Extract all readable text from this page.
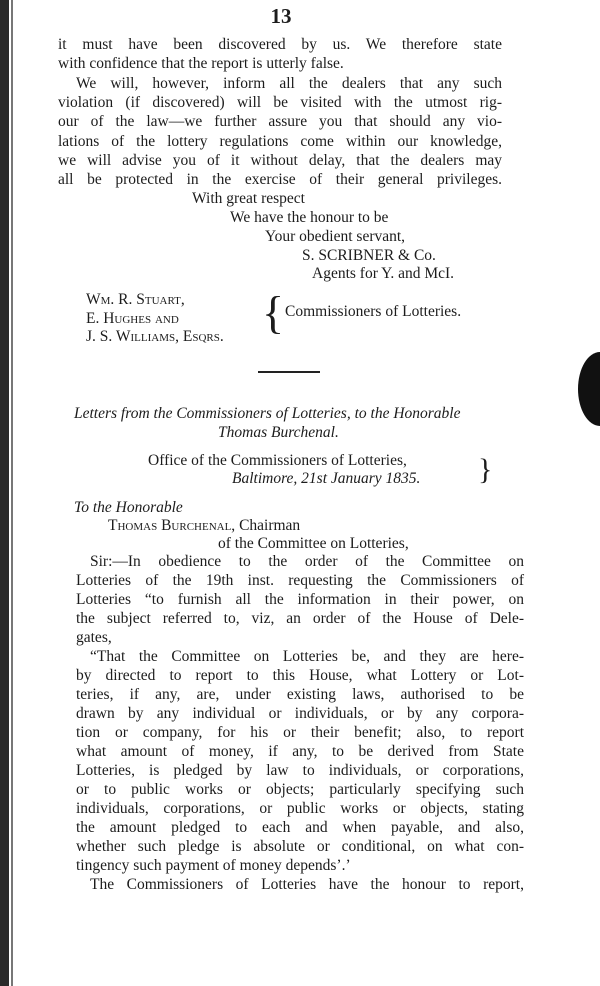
13
it must have been discovered by us. We therefore state
with confidence that the report is utterly false.
We will, however, inform all the dealers that any such
violation (if discovered) will be visited with the utmost rig-
our of the law—we further assure you that should any vio-
lations of the lottery regulations come within our knowledge,
we will advise you of it without delay, that the dealers may
all be protected in the exercise of their general privileges.
With great respect
We have the honour to be
Your obedient servant,
S. SCRIBNER & Co.
Agents for Y. and McI.
Wm. R. Stuart,
E. Hughes and
J. S. Williams, Esqrs. { Commissioners of Lotteries.
Letters from the Commissioners of Lotteries, to the Honorable
Thomas Burchenal.
Office of the Commissioners of Lotteries,
Baltimore, 21st January 1835. }
To the Honorable
Thomas Burchenal, Chairman
of the Committee on Lotteries,
Sir:—In obedience to the order of the Committee on
Lotteries of the 19th inst. requesting the Commissioners of
Lotteries “to furnish all the information in their power, on
the subject referred to, viz, an order of the House of Dele-
gates,
“That the Committee on Lotteries be, and they are here-
by directed to report to this House, what Lottery or Lot-
teries, if any, are, under existing laws, authorised to be
drawn by any individual or individuals, or by any corpora-
tion or company, for his or their benefit; also, to report
what amount of money, if any, to be derived from State
Lotteries, is pledged by law to individuals, or corporations,
or to public works or objects; particularly specifying such
individuals, corporations, or public works or objects, stating
the amount pledged to each and when payable, and also,
whether such pledge is absolute or conditional, on what con-
tingency such payment of money depends’.’
The Commissioners of Lotteries have the honour to report,
